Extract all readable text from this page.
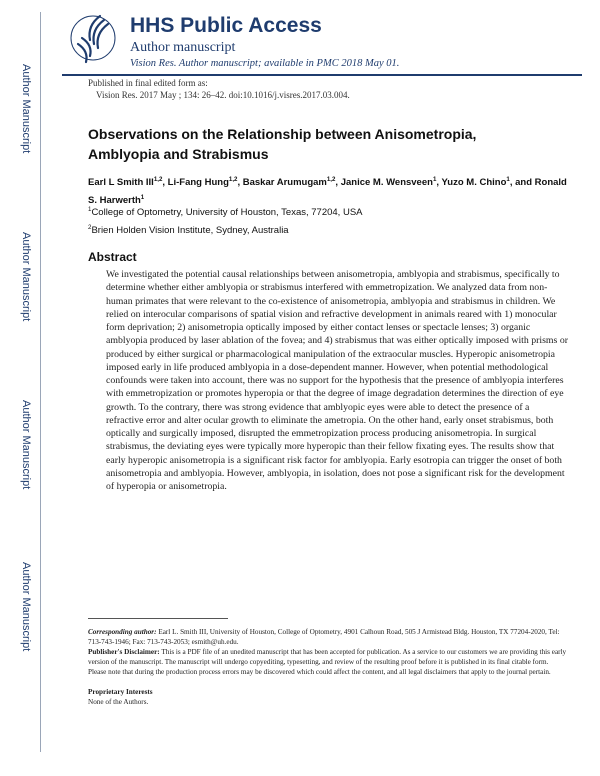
Author Manuscript
Author Manuscript
Author Manuscript
Author Manuscript
HHS Public Access
Author manuscript
Vision Res. Author manuscript; available in PMC 2018 May 01.
Published in final edited form as:
Vision Res. 2017 May ; 134: 26–42. doi:10.1016/j.visres.2017.03.004.
Observations on the Relationship between Anisometropia, Amblyopia and Strabismus
Earl L Smith III$^{1,2}$, Li-Fang Hung$^{1,2}$, Baskar Arumugam$^{1,2}$, Janice M. Wensveen$^1$, Yuzo M. Chino$^1$, and Ronald S. Harwerth$^1$
$^1$College of Optometry, University of Houston, Texas, 77204, USA
$^2$Brien Holden Vision Institute, Sydney, Australia
Abstract
We investigated the potential causal relationships between anisometropia, amblyopia and strabismus, specifically to determine whether either amblyopia or strabismus interfered with emmetropization. We analyzed data from non-human primates that were relevant to the co-existence of anisometropia, amblyopia and strabismus in children. We relied on interocular comparisons of spatial vision and refractive development in animals reared with 1) monocular form deprivation; 2) anisometropia optically imposed by either contact lenses or spectacle lenses; 3) organic amblyopia produced by laser ablation of the fovea; and 4) strabismus that was either optically imposed with prisms or produced by either surgical or pharmacological manipulation of the extraocular muscles. Hyperopic anisometropia imposed early in life produced amblyopia in a dose-dependent manner. However, when potential methodological confounds were taken into account, there was no support for the hypothesis that the presence of amblyopia interferes with emmetropization or promotes hyperopia or that the degree of image degradation determines the direction of eye growth. To the contrary, there was strong evidence that amblyopic eyes were able to detect the presence of a refractive error and alter ocular growth to eliminate the ametropia. On the other hand, early onset strabismus, both optically and surgically imposed, disrupted the emmetropization process producing anisometropia. In surgical strabismus, the deviating eyes were typically more hyperopic than their fellow fixating eyes. The results show that early hyperopic anisometropia is a significant risk factor for amblyopia. Early esotropia can trigger the onset of both anisometropia and amblyopia. However, amblyopia, in isolation, does not pose a significant risk for the development of hyperopia or anisometropia.
Corresponding author: Earl L. Smith III, University of Houston, College of Optometry, 4901 Calhoun Road, 505 J Armistead Bldg. Houston, TX 77204-2020, Tel: 713-743-1946; Fax: 713-743-2053; esmith@uh.edu.
Publisher's Disclaimer: This is a PDF file of an unedited manuscript that has been accepted for publication. As a service to our customers we are providing this early version of the manuscript. The manuscript will undergo copyediting, typesetting, and review of the resulting proof before it is published in its final citable form. Please note that during the production process errors may be discovered which could affect the content, and all legal disclaimers that apply to the journal pertain.
Proprietary Interests
None of the Authors.
